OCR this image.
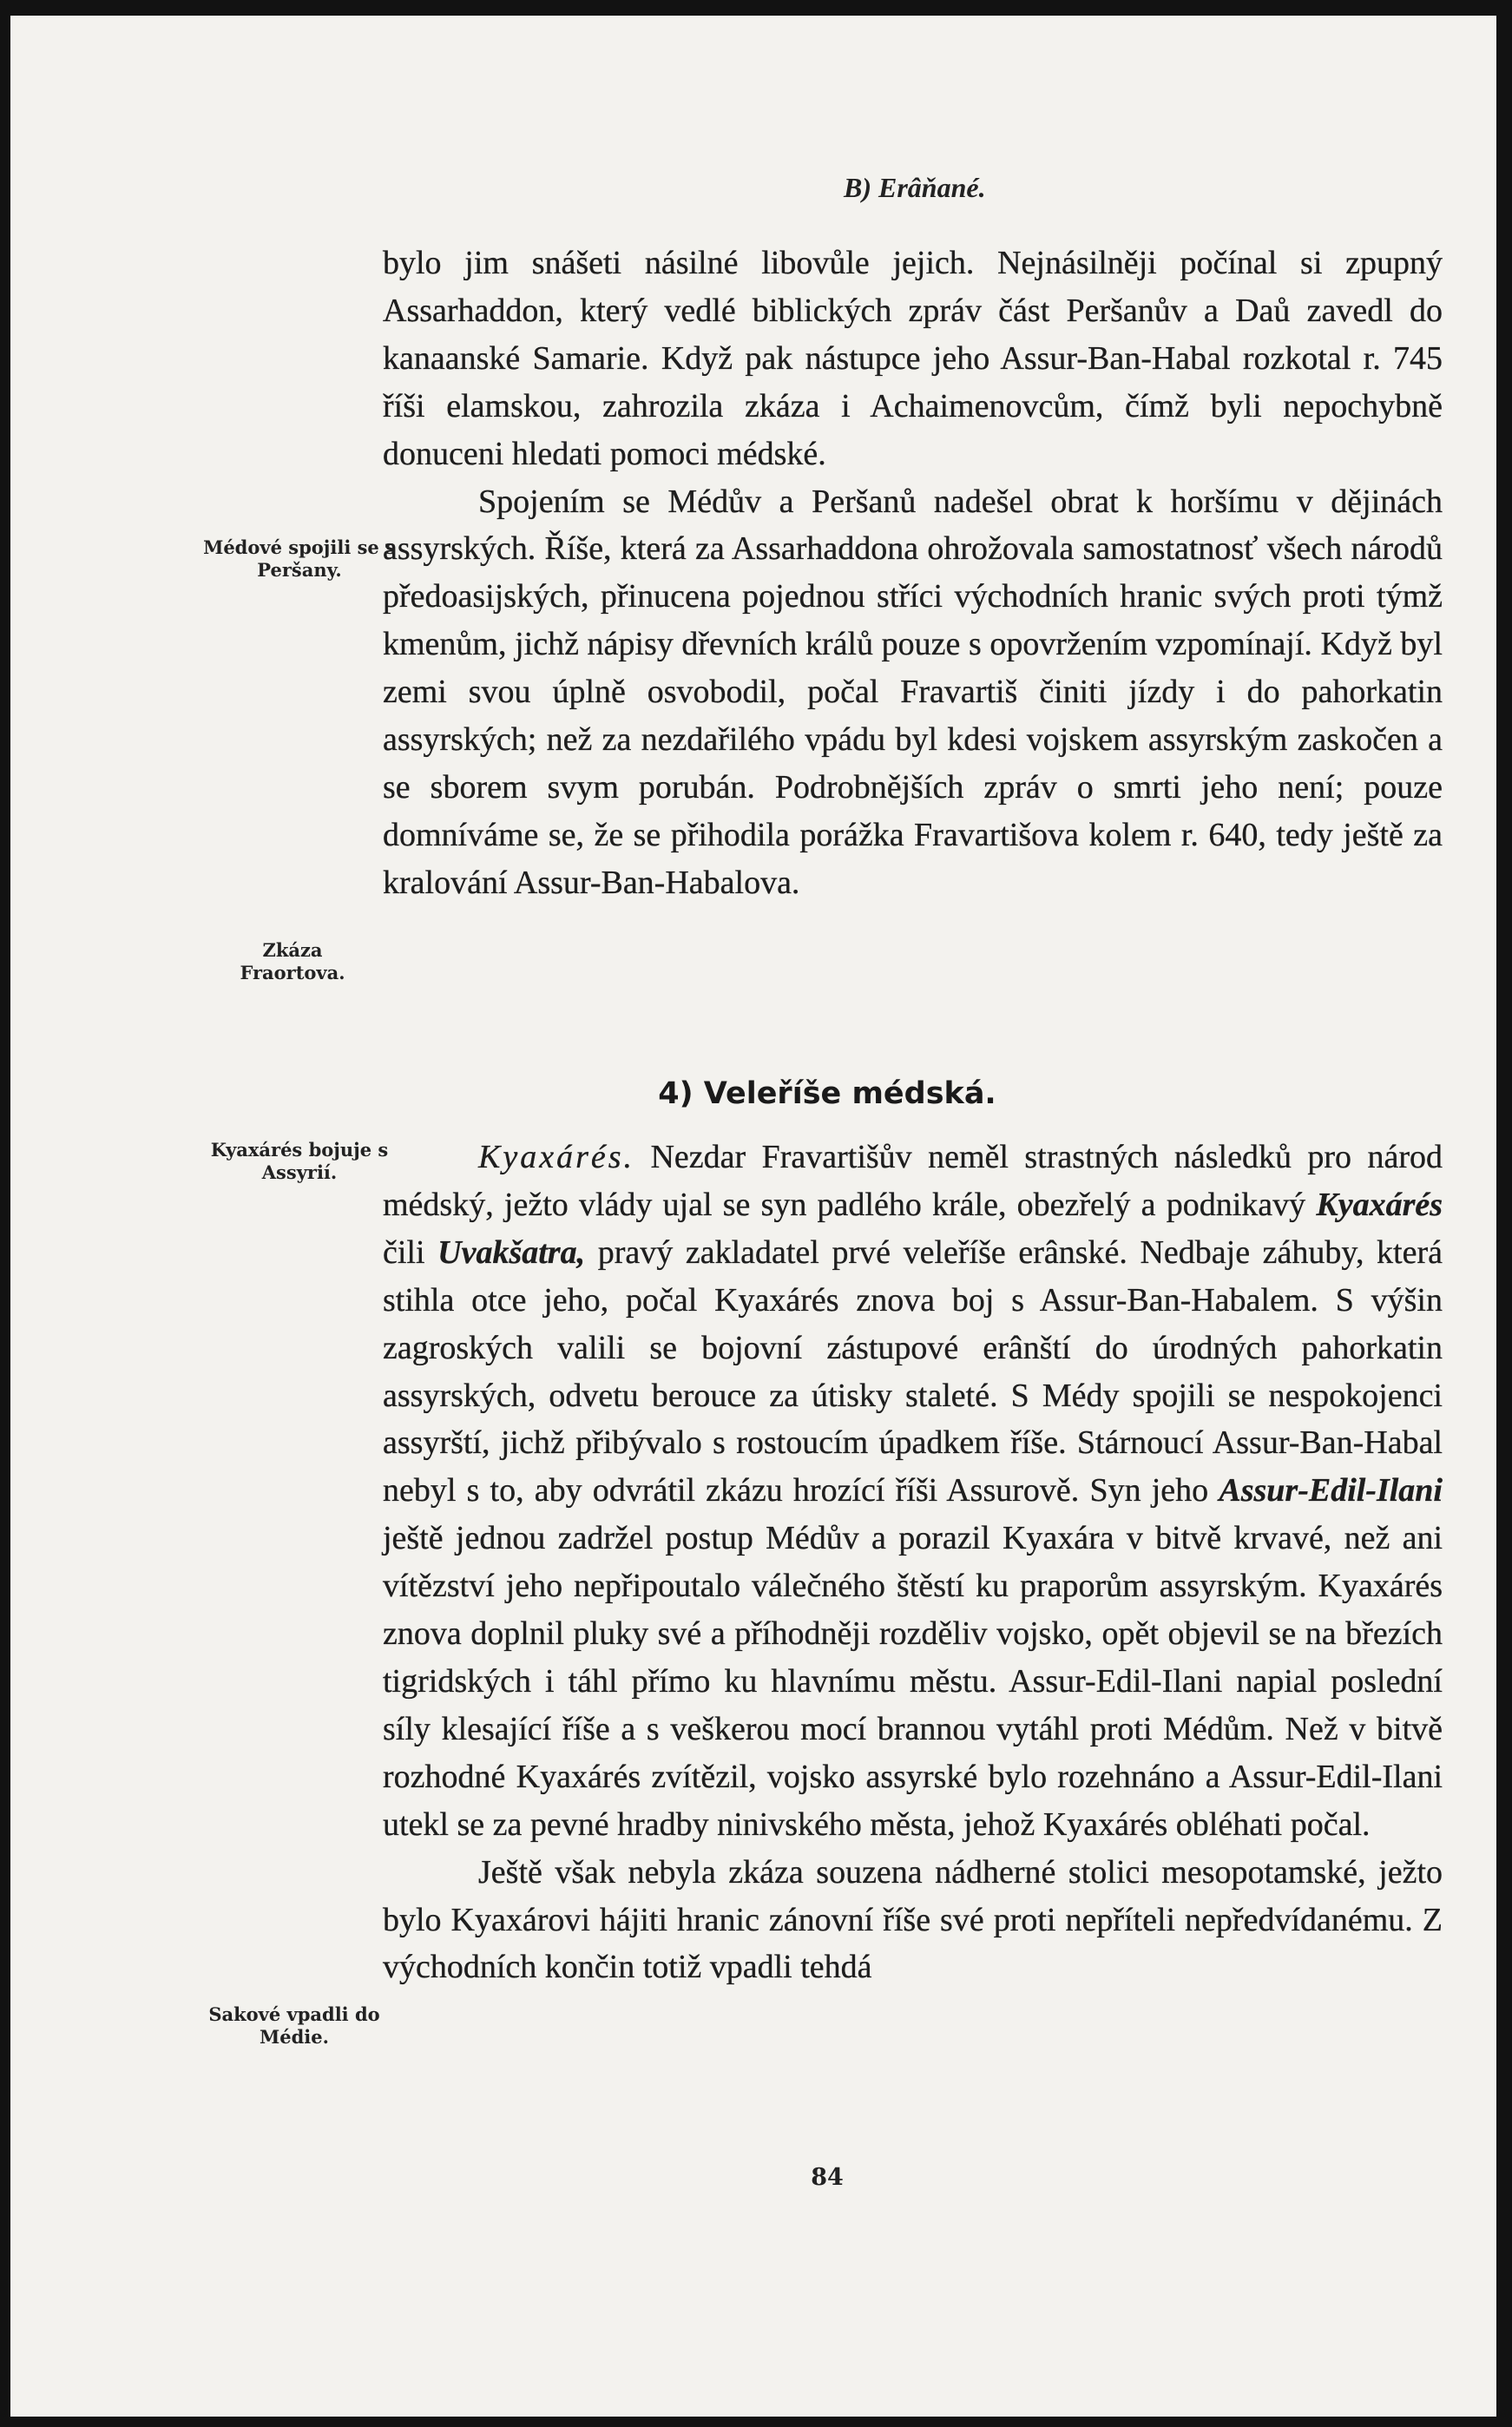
B) Erâňané.

bylo jim snášeti násilné libovůle jejich. Nejnásilněji počínal si zpupný Assarhaddon, který vedlé biblických zpráv část Peršanův a Daů zavedl do kanaanské Samarie. Když pak nástupce jeho Assur-Ban-Habal rozkotal r. 745 říši elamskou, zahrozila zkáza i Achaimenovcům, čímž byli nepochybně donuceni hledati pomoci médské.

Spojením se Médův a Peršanů nadešel obrat k horšímu v dějinách assyrských. Říše, která za Assarhaddona ohrožovala samostatnosť všech národů předoasijských, přinucena pojednou stříci východních hranic svých proti týmž kmenům, jichž nápisy dřevních králů pouze s opovržením vzpomínají. Když byl zemi svou úplně osvobodil, počal Fravartiš činiti jízdy i do pahorkatin assyrských; než za nezdařilého vpádu byl kdesi vojskem assyrským zaskočen a se sborem svym porubán. Podrobnějších zpráv o smrti jeho není; pouze domníváme se, že se přihodila porážka Fravartišova kolem r. 640, tedy ještě za kralování Assur-Ban-Habalova.

4) Veleříše médská.

Kyaxárés. Nezdar Fravartišův neměl strastných následků pro národ médský, ježto vlády ujal se syn padlého krále, obezřelý a podnikavý Kyaxárés čili Uvakšatra, pravý zakladatel prvé veleříše erânské. Nedbaje záhuby, která stihla otce jeho, počal Kyaxárés znova boj s Assur-Ban-Habalem. S výšin zagroských valili se bojovní zástupové erânští do úrodných pahorkatin assyrských, odvetu berouce za útisky staleté. S Médy spojili se nespokojenci assyrští, jichž přibývalo s rostoucím úpadkem říše. Stárnoucí Assur-Ban-Habal nebyl s to, aby odvrátil zkázu hrozící říši Assurově. Syn jeho Assur-Edil-Ilani ještě jednou zadržel postup Médův a porazil Kyaxára v bitvě krvavé, než ani vítězství jeho nepřipoutalo válečného štěstí ku praporům assyrským. Kyaxárés znova doplnil pluky své a příhodněji rozděliv vojsko, opět objevil se na březích tigridských i táhl přímo ku hlavnímu městu. Assur-Edil-Ilani napial poslední síly klesající říše a s veškerou mocí brannou vytáhl proti Médům. Než v bitvě rozhodné Kyaxárés zvítězil, vojsko assyrské bylo rozehnáno a Assur-Edil-Ilani utekl se za pevné hradby ninivského města, jehož Kyaxárés obléhati počal.

Ještě však nebyla zkáza souzena nádherné stolici mesopotamské, ježto bylo Kyaxárovi hájiti hranic zánovní říše své proti nepříteli nepředvídanému. Z východních končin totiž vpadli tehdá

Médové spojili se s Peršany.
Zkáza Fraortova.
Kyaxárés bojuje s Assyrií.
Sakové vpadli do Médie.
84
